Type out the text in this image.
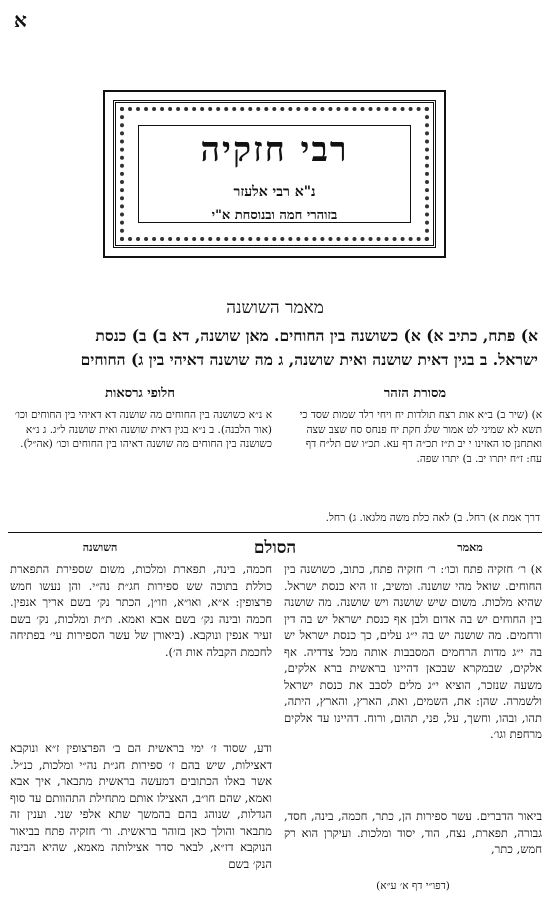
א
רבי חזקיה
נ"א רבי אלעזר
בזוהרי חמה ובנוסחת א"י
מאמר השושנה
א) פתח, כתיב א) א) כשושנה בין החוחים. מאן שושנה, דא ב) ב) כנסת
ישראל. ב בגין דאית שושנה ואית שושנה, ג מה שושנה דאיהי בין ג) החוחים
מסורת הזהר
חלופי גרסאות
א) (שיר ב) ב״א אות רצח תולדות יח ויחי רלד שמות שסד כי תשא לא שמיני לט אמור שלג חקת יח פנחס סח שצב שצה ואתחנן סו האזינו י יב ת״ז תכ״ה דף עא. תכ״ו שם תל״ח דף עח: ז״ח יתרו יב. ב) יתרו שפה.
א נ״א כשושנה בין החוחים מה שושנה דא דאיהי בין החוחים וכו׳ (אור הלבנה). ב נ״א בגין דאית שושנה ואית שושנה ל״ג. ג נ״א כשושנה בין החוחים מה שושנה דאיהו בין החוחים וכו׳ (אה״ל).
דרך אמת א) רחל. ב) לאה כלת משה מלגאו. ג) רחל.
מאמר
הסולם
השושנה
א) ר׳ חזקיה פתח וכו׳: ר׳ חזקיה פתח, כתוב, כשושנה בין החוחים. שואל מהי שושנה. ומשיב, זו היא כנסת ישראל. שהיא מלכות. משום שיש שושנה ויש שושנה. מה שושנה בין החוחים יש בה אדום ולבן אף כנסת ישראל יש בה דין ורחמים. מה שושנה יש בה י״ג עלים, כך כנסת ישראל יש בה י״ג מדות הרחמים המסבבות אותה מכל צדדיה. אף אלקים, שבמקרא שבכאן דהיינו בראשית ברא אלקים, משעה שנזכר, הוציא י״ג מלים לסבב את כנסת ישראל ולשמרה. שהן: את, השמים, ואת, הארץ, והארץ, היתה, תהו, ובהו, וחשך, על, פני, תהום, ורוח. דהיינו עד אלקים מרחפת וגו׳.
ביאור הדברים. עשר ספירות הן, כתר, חכמה, בינה, חסד, גבורה, תפארת, נצח, הוד, יסוד ומלכות. ועיקרן הוא רק חמש, כתר,
חכמה, בינה, תפארת ומלכות, משום שספירת התפארת כוללת בתוכה שש ספירות חג״ת נה״י. והן נעשו חמש פרצופין: א״א, ואו״א, וזו״ן, הכתר נק׳ בשם אריך אנפין. חכמה ובינה נק׳ בשם אבא ואמא. ת״ת ומלכות, נק׳ בשם זעיר אנפין ונוקבא. (ביאורן של עשר הספירות עי׳ בפתיחה לחכמת הקבלה אות ה׳).
ודע, שסוד ז׳ ימי בראשית הם ב׳ הפרצופין ז״א ונוקבא דאצילות, שיש בהם ז׳ ספירות חג״ת נה״י ומלכות, כנ״ל. אשר באלו הכתובים דמעשה בראשית מתבאר, איך אבא ואמא, שהם חו״ב, האצילו אותם מתחילת התהוותם עד סוף הגדלות, שנוהג בהם בהמשך שתא אלפי שני. וענין זה מתבאר והולך כאן בזוהר בראשית. ור׳ חזקיה פתח בביאור הנוקבא דז״א, לבאר סדר אצילותה מאמא, שהיא הבינה הנק׳ בשם
(דפו״י דף א׳ ע״א)
